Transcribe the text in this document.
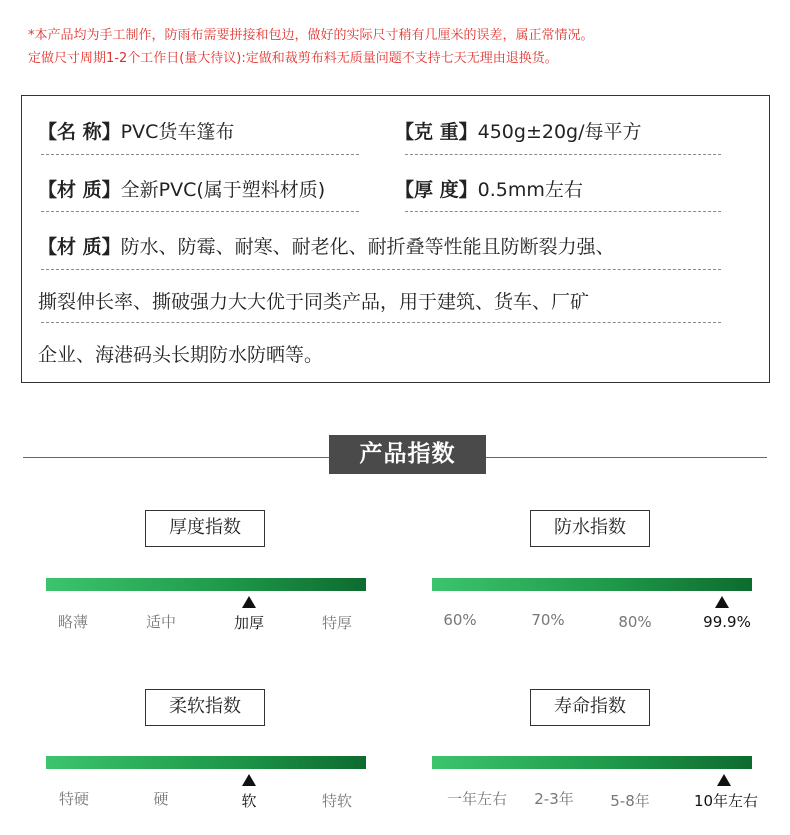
*本产品均为手工制作，防雨布需要拼接和包边，做好的实际尺寸稍有几厘米的误差，属正常情况。
定做尺寸周期1-2个工作日(量大待议):定做和裁剪布料无质量问题不支持七天无理由退换货。
【名 称】PVC货车篷布	【克 重】450g±20g/每平方
【材 质】全新PVC(属于塑料材质)	【厚 度】0.5mm左右
【材 质】防水、防霉、耐寒、耐老化、耐折叠等性能且防断裂力强、
撕裂伸长率、撕破强力大大优于同类产品，用于建筑、货车、厂矿
企业、海港码头长期防水防晒等。
产品指数
厚度指数
略薄	适中	加厚	特厚
防水指数
60%	70%	80%	99.9%
柔软指数
特硬	硬	软	特软
寿命指数
一年左右 2-3年 5-8年	10年左右
